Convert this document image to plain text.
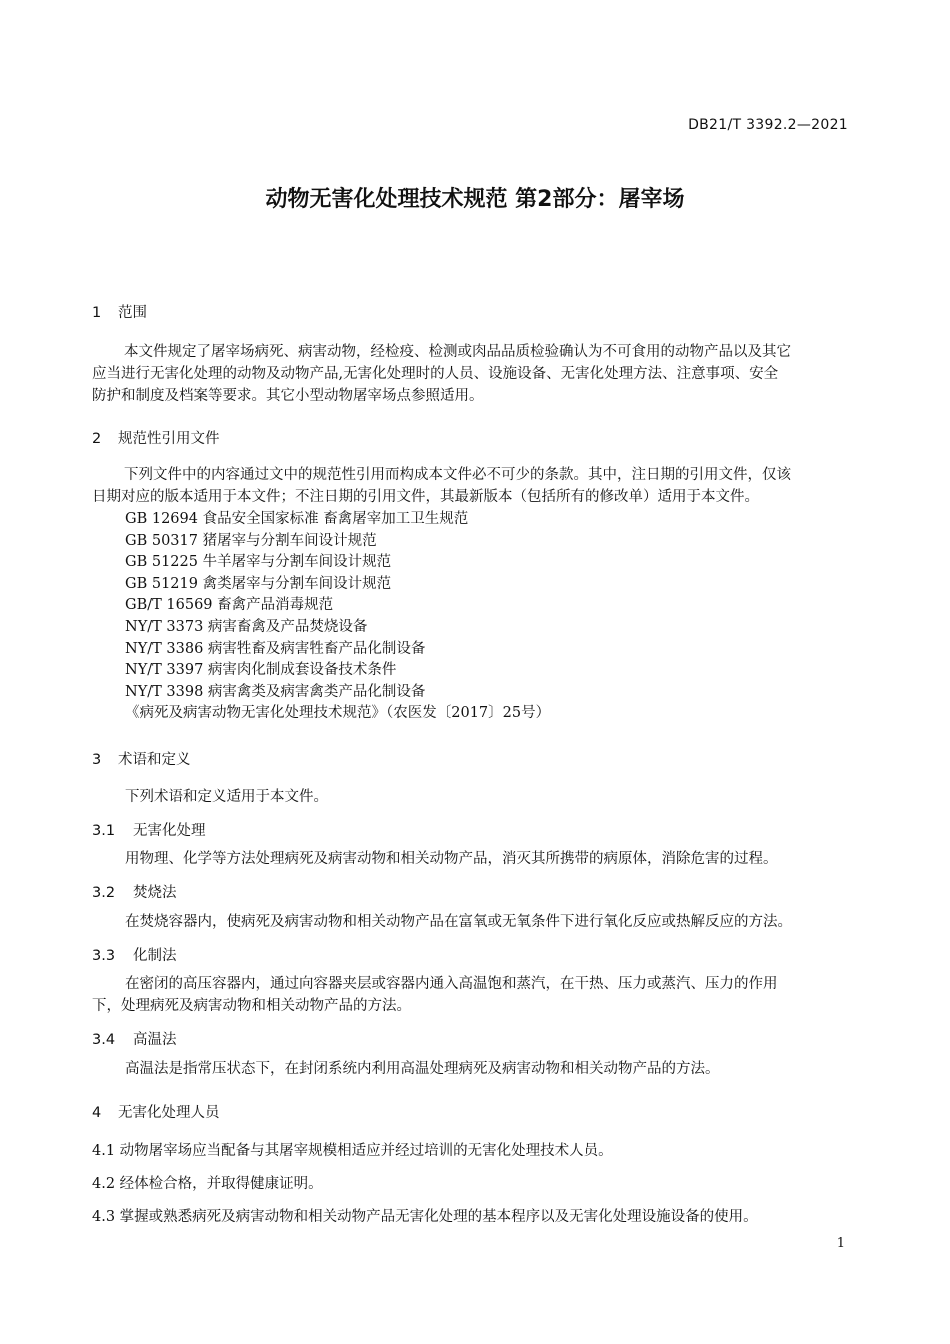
DB21/T 3392.2—2021
动物无害化处理技术规范 第2部分：屠宰场
1 范围
本文件规定了屠宰场病死、病害动物，经检疫、检测或肉品品质检验确认为不可食用的动物产品以及其它
应当进行无害化处理的动物及动物产品,无害化处理时的人员、设施设备、无害化处理方法、注意事项、安全
防护和制度及档案等要求。其它小型动物屠宰场点参照适用。
2 规范性引用文件
下列文件中的内容通过文中的规范性引用而构成本文件必不可少的条款。其中，注日期的引用文件，仅该
日期对应的版本适用于本文件；不注日期的引用文件，其最新版本（包括所有的修改单）适用于本文件。
GB 12694 食品安全国家标准 畜禽屠宰加工卫生规范
GB 50317 猪屠宰与分割车间设计规范
GB 51225 牛羊屠宰与分割车间设计规范
GB 51219 禽类屠宰与分割车间设计规范
GB/T 16569 畜禽产品消毒规范
NY/T 3373 病害畜禽及产品焚烧设备
NY/T 3386 病害牲畜及病害牲畜产品化制设备
NY/T 3397 病害肉化制成套设备技术条件
NY/T 3398 病害禽类及病害禽类产品化制设备
《病死及病害动物无害化处理技术规范》（农医发〔2017〕25号）
3 术语和定义
下列术语和定义适用于本文件。
3.1 无害化处理
用物理、化学等方法处理病死及病害动物和相关动物产品，消灭其所携带的病原体，消除危害的过程。
3.2 焚烧法
在焚烧容器内，使病死及病害动物和相关动物产品在富氧或无氧条件下进行氧化反应或热解反应的方法。
3.3 化制法
在密闭的高压容器内，通过向容器夹层或容器内通入高温饱和蒸汽，在干热、压力或蒸汽、压力的作用
下，处理病死及病害动物和相关动物产品的方法。
3.4 高温法
高温法是指常压状态下，在封闭系统内利用高温处理病死及病害动物和相关动物产品的方法。
4 无害化处理人员
4.1 动物屠宰场应当配备与其屠宰规模相适应并经过培训的无害化处理技术人员。
4.2 经体检合格，并取得健康证明。
4.3 掌握或熟悉病死及病害动物和相关动物产品无害化处理的基本程序以及无害化处理设施设备的使用。
1
